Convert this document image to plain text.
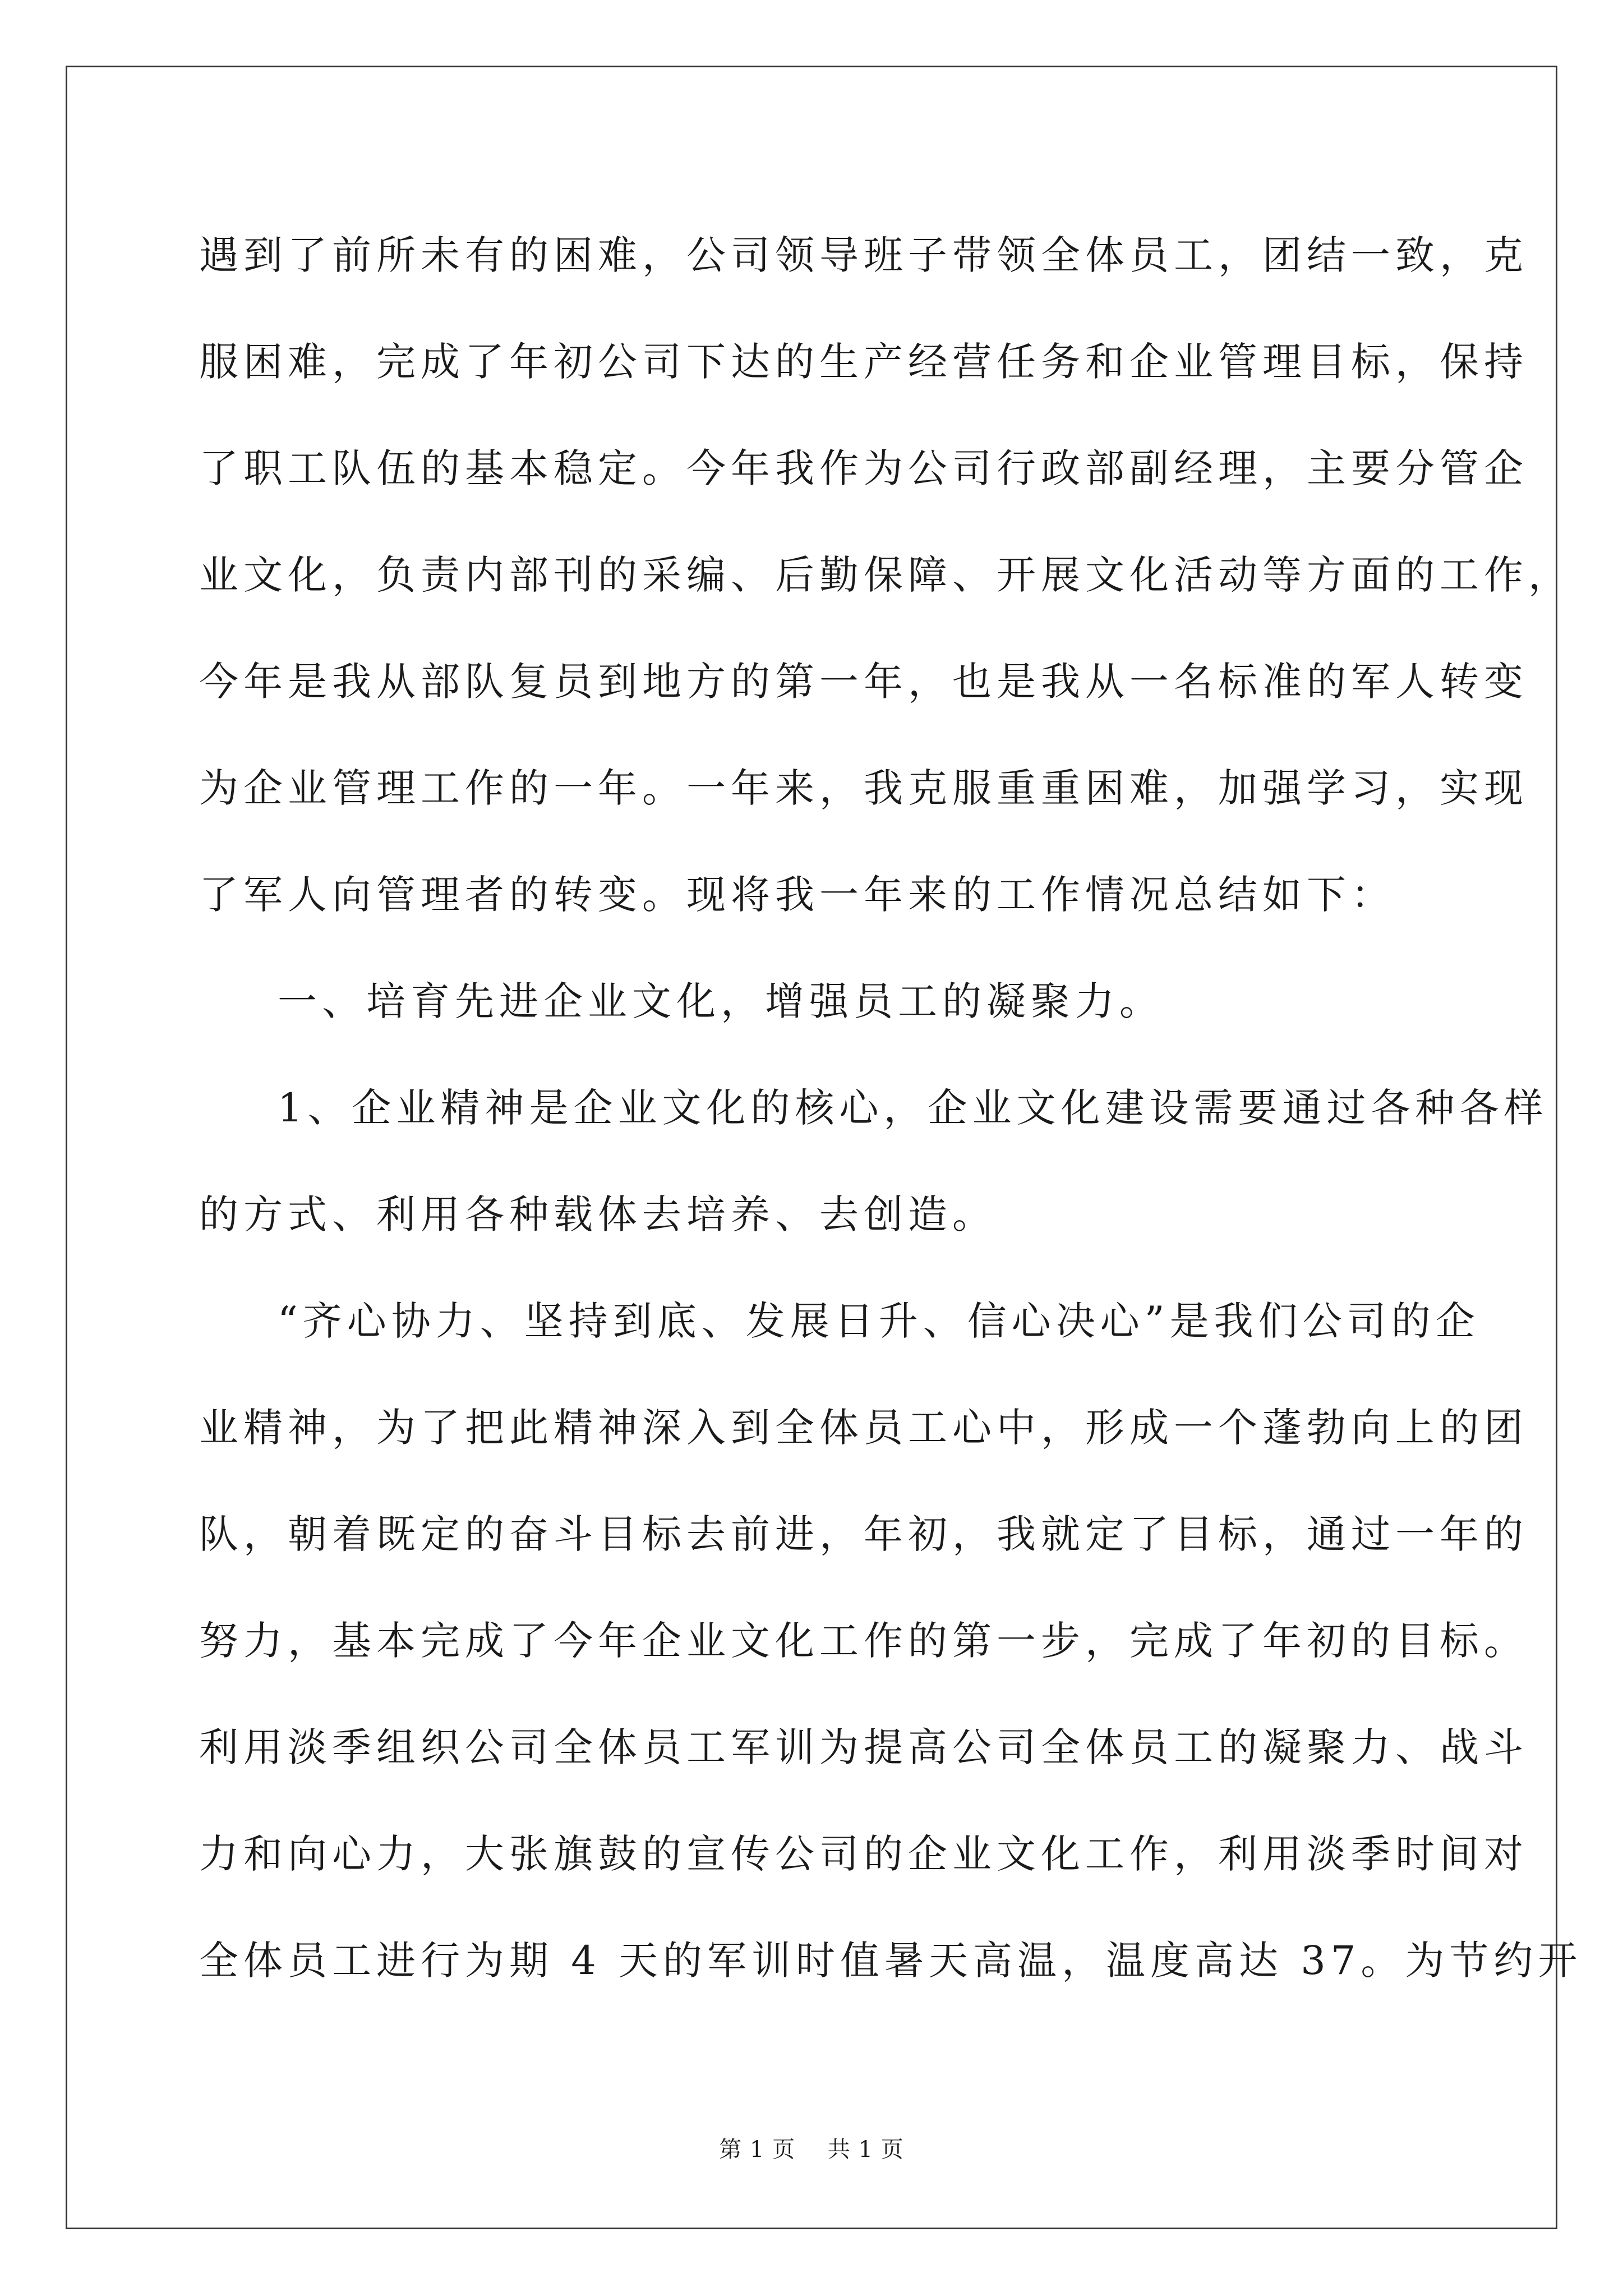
遇到了前所未有的困难，公司领导班子带领全体员工，团结一致，克
服困难，完成了年初公司下达的生产经营任务和企业管理目标，保持
了职工队伍的基本稳定。今年我作为公司行政部副经理，主要分管企
业文化，负责内部刊的采编、后勤保障、开展文化活动等方面的工作，
今年是我从部队复员到地方的第一年，也是我从一名标准的军人转变
为企业管理工作的一年。一年来，我克服重重困难，加强学习，实现
了军人向管理者的转变。现将我一年来的工作情况总结如下：
一、培育先进企业文化，增强员工的凝聚力。
1、企业精神是企业文化的核心，企业文化建设需要通过各种各样
的方式、利用各种载体去培养、去创造。
“齐心协力、坚持到底、发展日升、信心决心”是我们公司的企
业精神，为了把此精神深入到全体员工心中，形成一个蓬勃向上的团
队，朝着既定的奋斗目标去前进，年初，我就定了目标，通过一年的
努力，基本完成了今年企业文化工作的第一步，完成了年初的目标。
利用淡季组织公司全体员工军训为提高公司全体员工的凝聚力、战斗
力和向心力，大张旗鼓的宣传公司的企业文化工作，利用淡季时间对
全体员工进行为期 4 天的军训时值暑天高温，温度高达 37。为节约开
第 1 页 共 1 页
